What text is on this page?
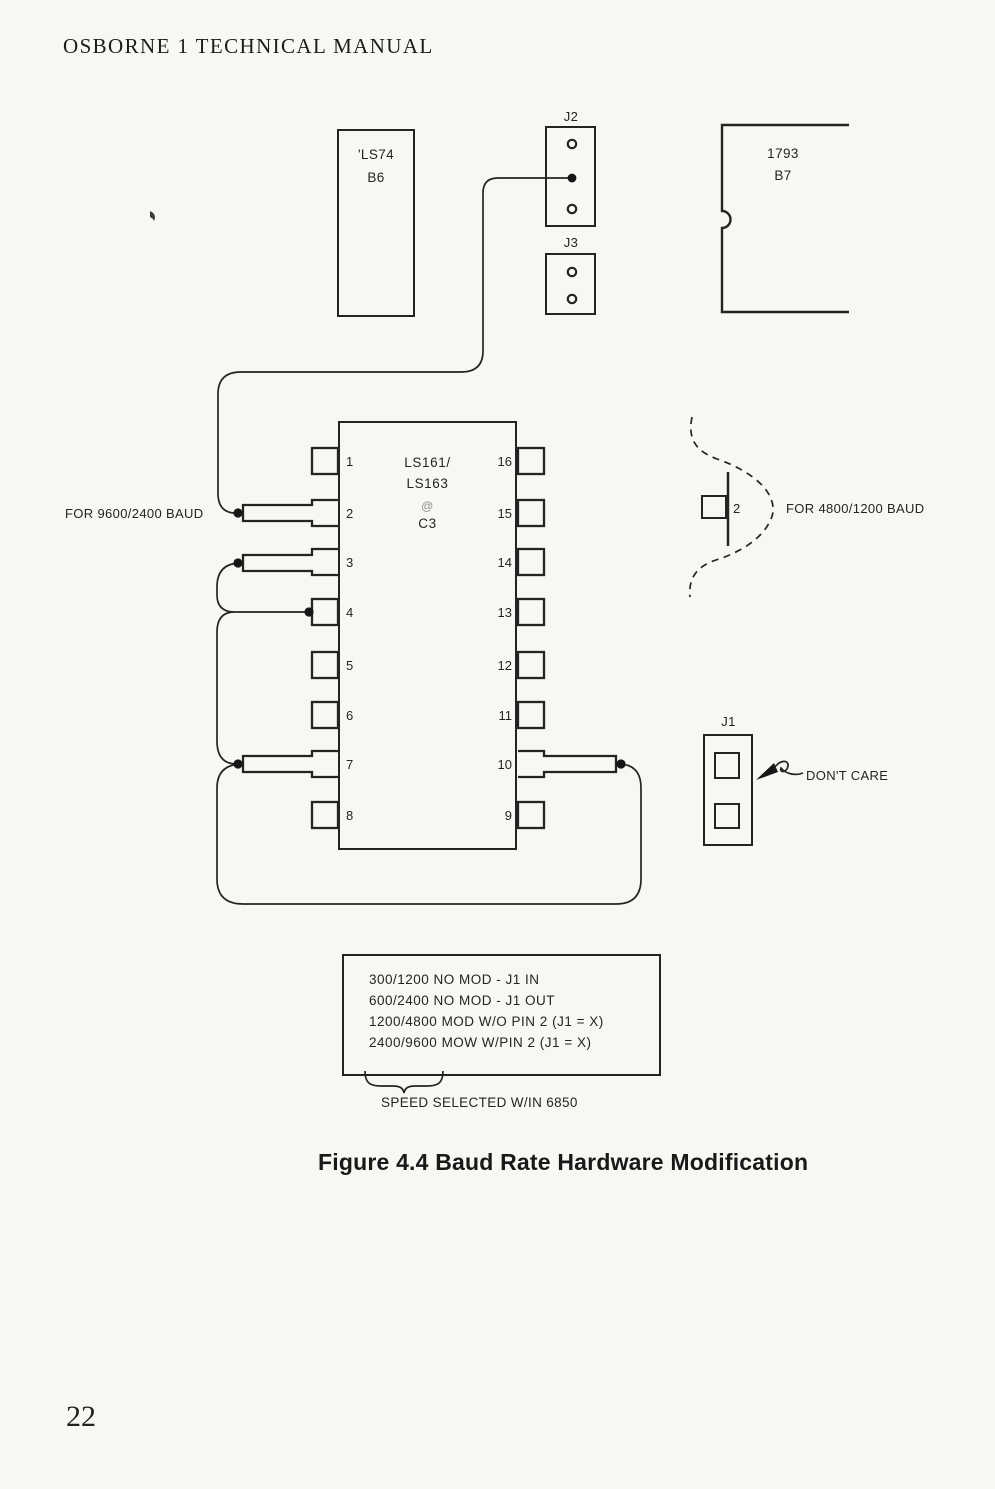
OSBORNE 1 TECHNICAL MANUAL
'LS74
B6
J2
J3
1793
B7
LS161/
LS163
@
C3
1
2
3
4
5
6
7
8
16
15
14
13
12
11
10
9
FOR 9600/2400 BAUD	FOR 4800/1200 BAUD
DON'T CARE
2
J1
300/1200 NO MOD - J1 IN
600/2400 NO MOD - J1 OUT
1200/4800 MOD W/O PIN 2 (J1 = X)
2400/9600 MOW W/PIN 2 (J1 = X)
SPEED SELECTED W/IN 6850
Figure 4.4 Baud Rate Hardware Modification
22
